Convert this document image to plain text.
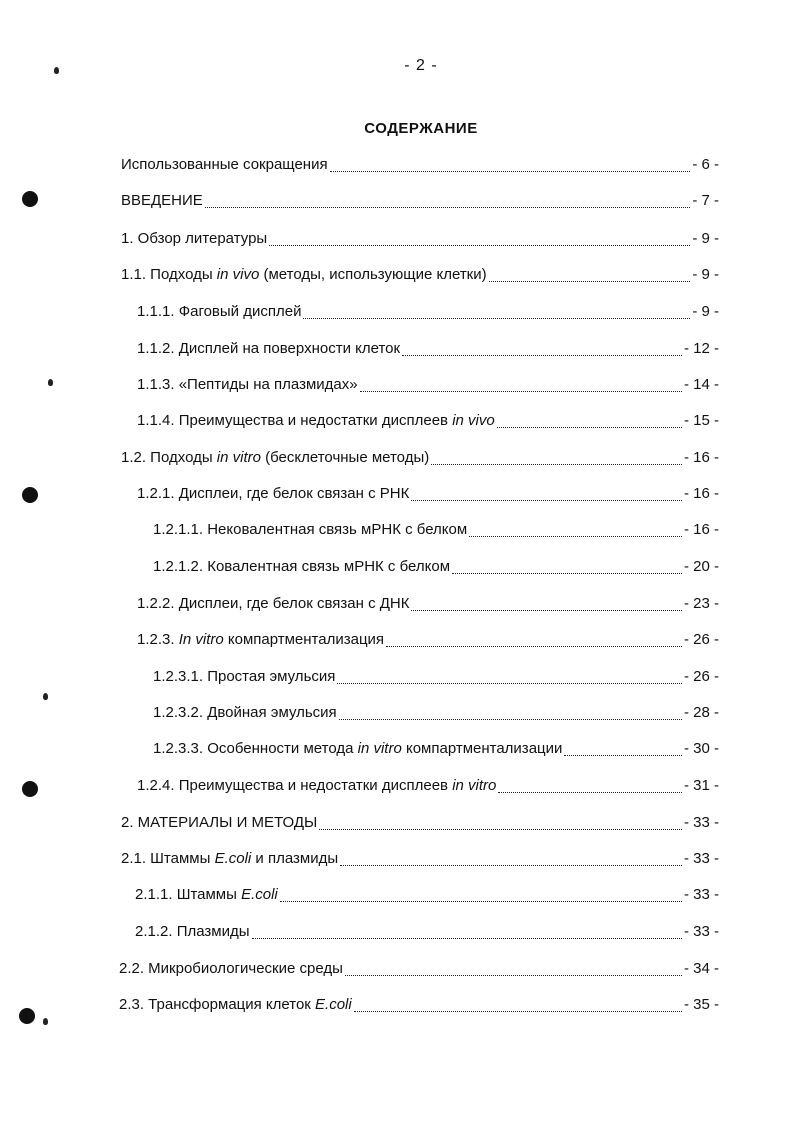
- 2 -
СОДЕРЖАНИЕ
Использованные сокращения	- 6 -
ВВЕДЕНИЕ	- 7 -
1. Обзор литературы	- 9 -
1.1. Подходы in vivo (методы, использующие клетки)	- 9 -
1.1.1. Фаговый дисплей	- 9 -
1.1.2. Дисплей на поверхности клеток	- 12 -
1.1.3. «Пептиды на плазмидах»	- 14 -
1.1.4. Преимущества и недостатки дисплеев in vivo	- 15 -
1.2. Подходы in vitro (бесклеточные методы)	- 16 -
1.2.1. Дисплеи, где белок связан с РНК	- 16 -
1.2.1.1. Нековалентная связь мРНК с белком	- 16 -
1.2.1.2. Ковалентная связь мРНК с белком	- 20 -
1.2.2. Дисплеи, где белок связан с ДНК	- 23 -
1.2.3. In vitro компартментализация	- 26 -
1.2.3.1. Простая эмульсия	- 26 -
1.2.3.2. Двойная эмульсия	- 28 -
1.2.3.3. Особенности метода in vitro компартментализации	- 30 -
1.2.4. Преимущества и недостатки дисплеев in vitro	- 31 -
2. МАТЕРИАЛЫ И МЕТОДЫ	- 33 -
2.1. Штаммы E.coli и плазмиды	- 33 -
2.1.1. Штаммы E.coli	- 33 -
2.1.2. Плазмиды	- 33 -
2.2. Микробиологические среды	- 34 -
2.3. Трансформация клеток E.coli	- 35 -
